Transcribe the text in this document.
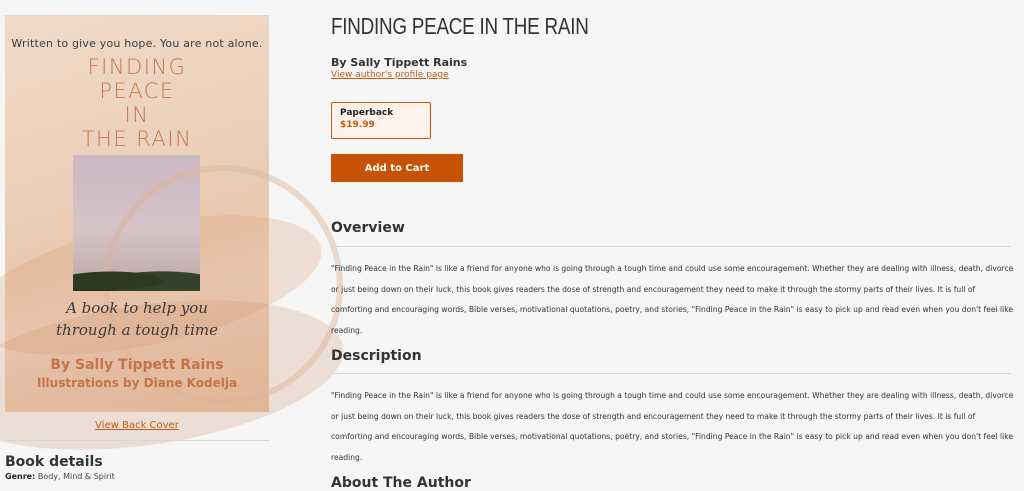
Written to give you hope. You are not alone.
FINDING
PEACE
IN
THE RAIN
A book to help you
through a tough time
By Sally Tippett Rains
Illustrations by Diane Kodelja
View Back Cover
Book details
Genre: Body, Mind & Spirit
FINDING PEACE IN THE RAIN
By Sally Tippett Rains
View author's profile page
Paperback
$19.99
Add to Cart
Overview

"Finding Peace in the Rain" is like a friend for anyone who is going through a tough time and could use some encouragement. Whether they are dealing with illness, death, divorce or just being down on their luck, this book gives readers the dose of strength and encouragement they need to make it through the stormy parts of their lives. It is full of comforting and encouraging words, Bible verses, motivational quotations, poetry, and stories, "Finding Peace in the Rain" is easy to pick up and read even when you don't feel like reading.

Description

"Finding Peace in the Rain" is like a friend for anyone who is going through a tough time and could use some encouragement. Whether they are dealing with illness, death, divorce or just being down on their luck, this book gives readers the dose of strength and encouragement they need to make it through the stormy parts of their lives. It is full of comforting and encouraging words, Bible verses, motivational quotations, poetry, and stories, "Finding Peace in the Rain" is easy to pick up and read even when you don't feel like reading.

About The Author
